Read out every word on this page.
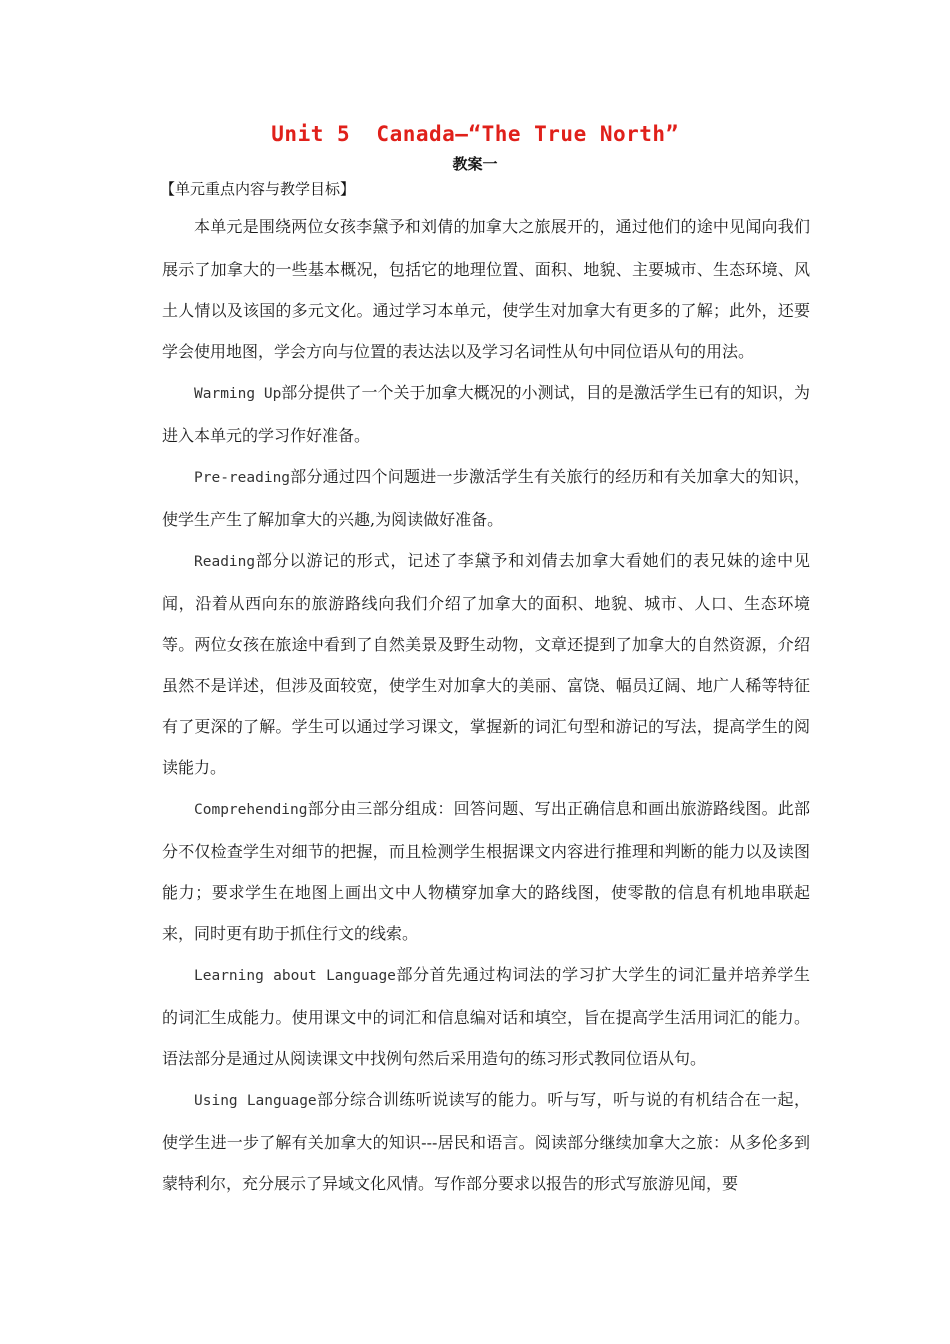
Unit 5  Canada—“The True North”
教案一
【单元重点内容与教学目标】

本单元是围绕两位女孩李黛予和刘倩的加拿大之旅展开的，通过他们的途中见闻向我们展示了加拿大的一些基本概况，包括它的地理位置、面积、地貌、主要城市、生态环境、风土人情以及该国的多元文化。通过学习本单元，使学生对加拿大有更多的了解；此外，还要学会使用地图，学会方向与位置的表达法以及学习名词性从句中同位语从句的用法。

Warming Up部分提供了一个关于加拿大概况的小测试，目的是激活学生已有的知识，为进入本单元的学习作好准备。

Pre-reading部分通过四个问题进一步激活学生有关旅行的经历和有关加拿大的知识，使学生产生了解加拿大的兴趣,为阅读做好准备。

Reading部分以游记的形式，记述了李黛予和刘倩去加拿大看她们的表兄妹的途中见闻，沿着从西向东的旅游路线向我们介绍了加拿大的面积、地貌、城市、人口、生态环境等。两位女孩在旅途中看到了自然美景及野生动物，文章还提到了加拿大的自然资源，介绍虽然不是详述，但涉及面较宽，使学生对加拿大的美丽、富饶、幅员辽阔、地广人稀等特征有了更深的了解。学生可以通过学习课文，掌握新的词汇句型和游记的写法，提高学生的阅读能力。

Comprehending部分由三部分组成：回答问题、写出正确信息和画出旅游路线图。此部分不仅检查学生对细节的把握，而且检测学生根据课文内容进行推理和判断的能力以及读图能力；要求学生在地图上画出文中人物横穿加拿大的路线图，使零散的信息有机地串联起来，同时更有助于抓住行文的线索。

Learning about Language部分首先通过构词法的学习扩大学生的词汇量并培养学生的词汇生成能力。使用课文中的词汇和信息编对话和填空，旨在提高学生活用词汇的能力。语法部分是通过从阅读课文中找例句然后采用造句的练习形式教同位语从句。

Using Language部分综合训练听说读写的能力。听与写，听与说的有机结合在一起，使学生进一步了解有关加拿大的知识---居民和语言。阅读部分继续加拿大之旅：从多伦多到蒙特利尔，充分展示了异域文化风情。写作部分要求以报告的形式写旅游见闻，要
